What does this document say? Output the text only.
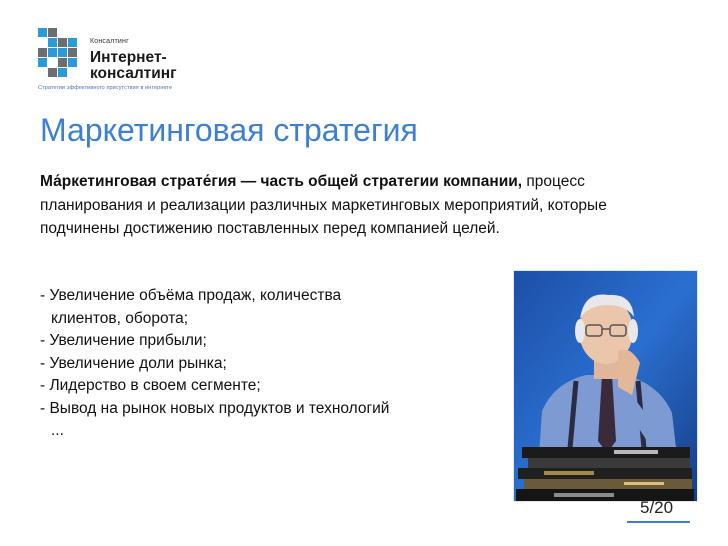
Консалтинг
Интернет-
консалтинг
Стратегии эффективного присутствия в интернете
Маркетинговая стратегия

Ма́ркетинговая страте́гия — часть общей стратегии компании, процесс планирования и реализации различных маркетинговых мероприятий, которые подчинены достижению поставленных перед компанией целей.

- Увеличение объёма продаж, количества
клиентов, оборота;
- Увеличение прибыли;
- Увеличение доли рынка;
- Лидерство в своем сегменте;
- Вывод на рынок новых продуктов и технологий
...
5/20
